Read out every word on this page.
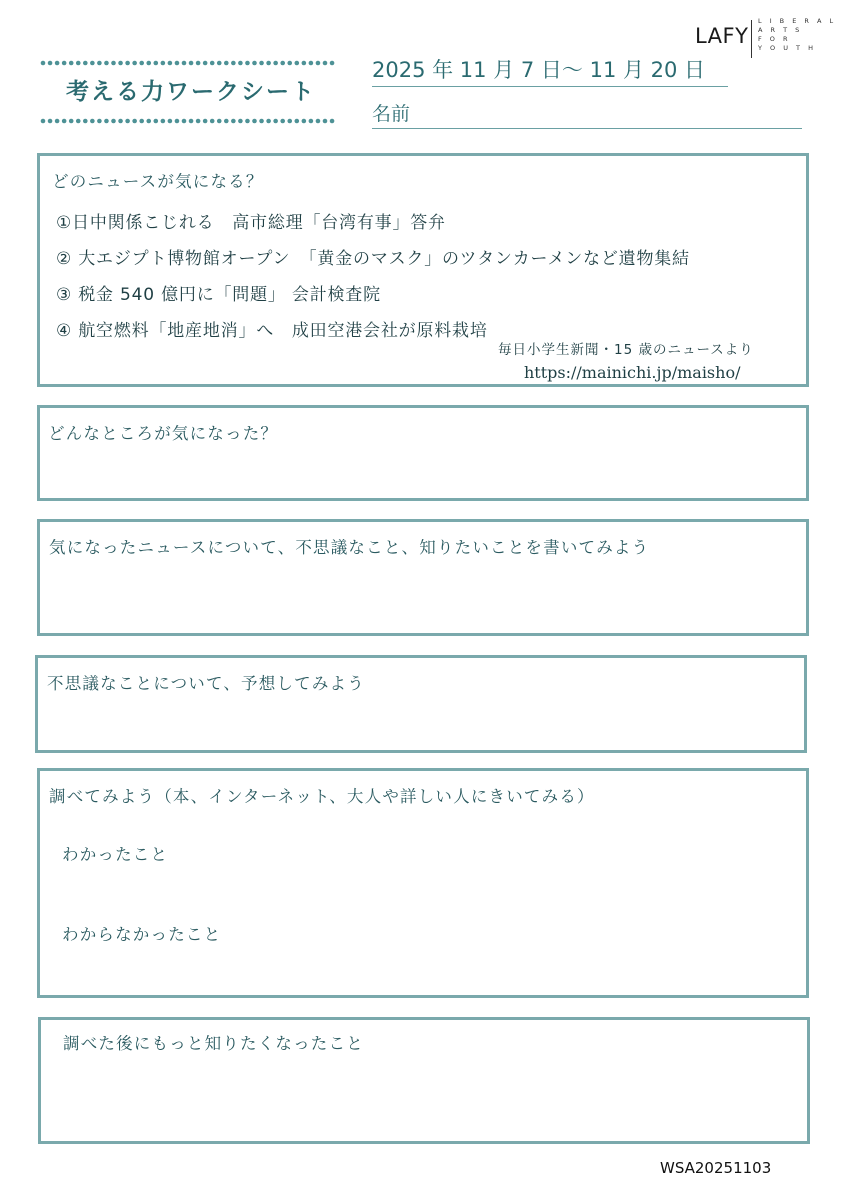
LAFY
L I B E R A L
A R T S
F O R
Y O U T H
考える力ワークシート
2025 年 11 月 7 日～ 11 月 20 日
名前
どのニュースが気になる？
①日中関係こじれる　高市総理「台湾有事」答弁
② 大エジプト博物館オープン　「黄金のマスク」のツタンカーメンなど遺物集結
③ 税金 540 億円に「問題」 会計検査院
④ 航空燃料「地産地消」へ　成田空港会社が原料栽培
毎日小学生新聞・15 歳のニュースより
https://mainichi.jp/maisho/
どんなところが気になった？
気になったニュースについて、不思議なこと、知りたいことを書いてみよう
不思議なことについて、予想してみよう
調べてみよう（本、インターネット、大人や詳しい人にきいてみる）
わかったこと
わからなかったこと
調べた後にもっと知りたくなったこと
WSA20251103
